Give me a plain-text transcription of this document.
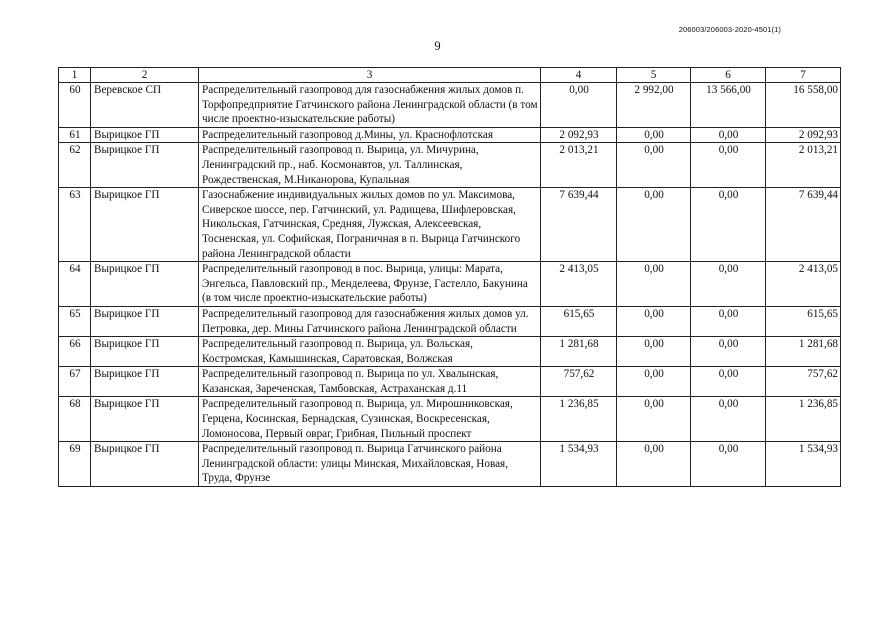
206003/206003-2020-4501(1)
9
1	2	3	4	5	6	7
60	Веревское СП	Распределительный газопровод для газоснабжения жилых домов п. Торфопредприятие Гатчинского района Ленинградской области (в том числе проектно-изыскательские работы)	0,00	2 992,00	13 566,00	16 558,00
61	Вырицкое ГП	Распределительный газопровод д.Мины, ул. Краснофлотская	2 092,93	0,00	0,00	2 092,93
62	Вырицкое ГП	Распределительный газопровод п. Вырица, ул. Мичурина, Ленинградский пр., наб. Космонавтов, ул. Таллинская, Рождественская, М.Никанорова, Купальная	2 013,21	0,00	0,00	2 013,21
63	Вырицкое ГП	Газоснабжение индивидуальных жилых домов по ул. Максимова, Сиверское шоссе, пер. Гатчинский, ул. Радищева, Шифлеровская, Никольская, Гатчинская, Средняя, Лужская, Алексеевская, Тосненская, ул. Софийская, Пограничная в п. Вырица Гатчинского района Ленинградской области	7 639,44	0,00	0,00	7 639,44
64	Вырицкое ГП	Распределительный газопровод в пос. Вырица, улицы: Марата, Энгельса, Павловский пр., Менделеева, Фрунзе, Гастелло, Бакунина (в том числе проектно-изыскательские работы)	2 413,05	0,00	0,00	2 413,05
65	Вырицкое ГП	Распределительный газопровод для газоснабжения жилых домов ул. Петровка, дер. Мины Гатчинского района Ленинградской области	615,65	0,00	0,00	615,65
66	Вырицкое ГП	Распределительный газопровод п. Вырица, ул. Вольская, Костромская, Камышинская, Саратовская, Волжская	1 281,68	0,00	0,00	1 281,68
67	Вырицкое ГП	Распределительный газопровод п. Вырица по ул. Хвалынская, Казанская, Зареченская, Тамбовская, Астраханская д.11	757,62	0,00	0,00	757,62
68	Вырицкое ГП	Распределительный газопровод п. Вырица, ул. Мирошниковская, Герцена, Косинская, Бернадская, Сузинская, Воскресенская, Ломоносова, Первый овраг, Грибная, Пильный проспект	1 236,85	0,00	0,00	1 236,85
69	Вырицкое ГП	Распределительный газопровод п. Вырица Гатчинского района Ленинградской области: улицы Минская, Михайловская, Новая, Труда, Фрунзе	1 534,93	0,00	0,00	1 534,93
